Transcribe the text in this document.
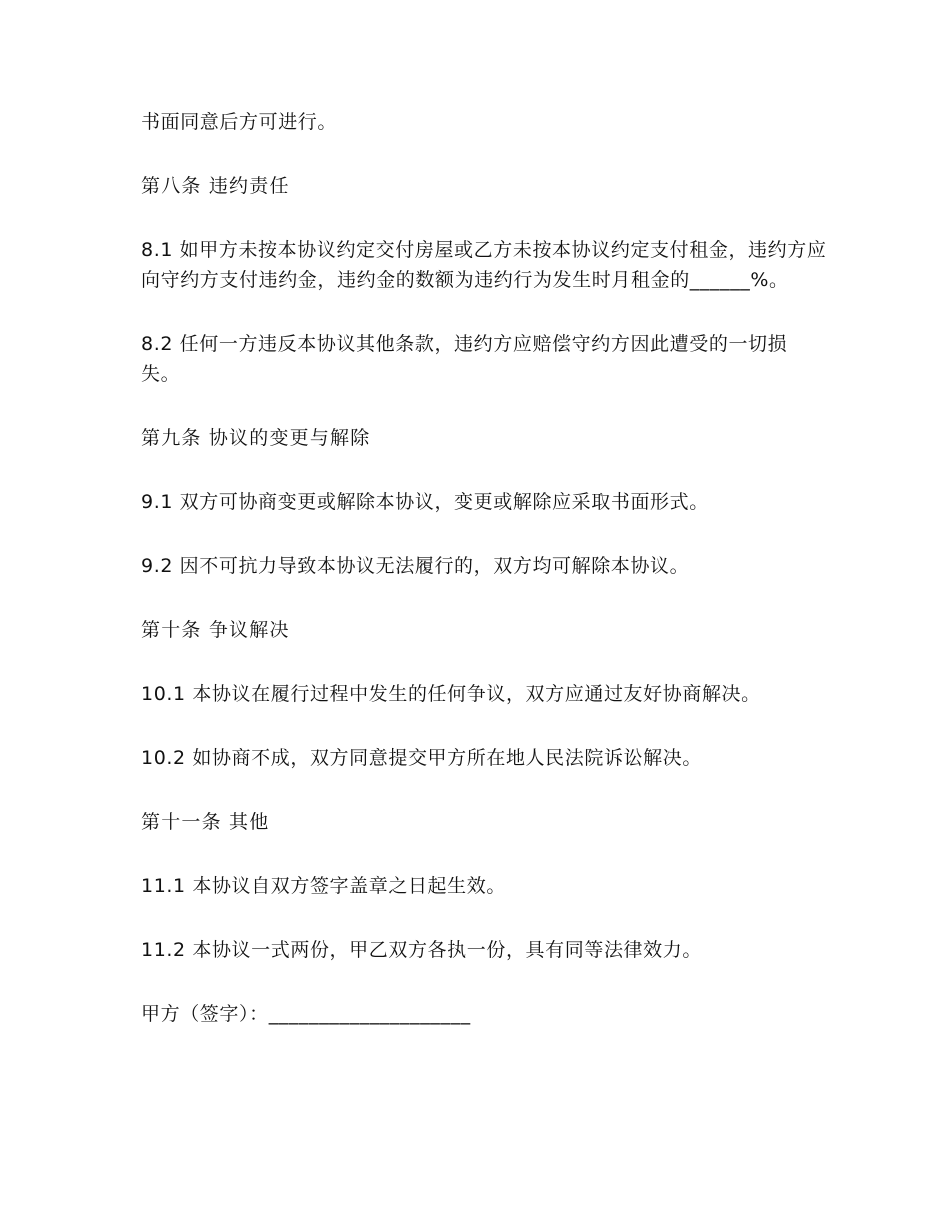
书面同意后方可进行。

第八条 违约责任

8.1 如甲方未按本协议约定交付房屋或乙方未按本协议约定支付租金，违约方应向守约方支付违约金，违约金的数额为违约行为发生时月租金的______%。

8.2 任何一方违反本协议其他条款，违约方应赔偿守约方因此遭受的一切损失。

第九条 协议的变更与解除

9.1 双方可协商变更或解除本协议，变更或解除应采取书面形式。

9.2 因不可抗力导致本协议无法履行的，双方均可解除本协议。

第十条 争议解决

10.1 本协议在履行过程中发生的任何争议，双方应通过友好协商解决。

10.2 如协商不成，双方同意提交甲方所在地人民法院诉讼解决。

第十一条 其他

11.1 本协议自双方签字盖章之日起生效。

11.2 本协议一式两份，甲乙双方各执一份，具有同等法律效力。

甲方（签字）：____________________
